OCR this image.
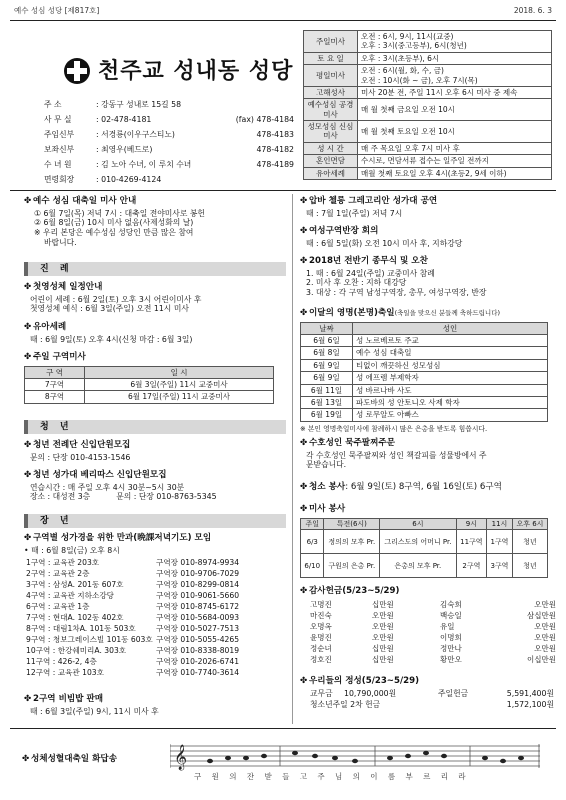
예수 성심 성당 [제817호]	2018. 6. 3
천주교 성내동 성당
주 소	: 강동구 성내로 15길 58
사 무 실	: 02-478-4181	(fax) 478-4184
주임신부	: 서경룡(이우구스티노)	478-4183
보좌신부	: 최영우(베드로)	478-4182
수 녀 원	: 김 노아 수녀, 이 루치 수녀	478-4189
면령회장	: 010-4269-4124
주일미사	오전 : 6시, 9시, 11시(교중)
오후 : 3시(중고등부), 6시(청년)

토 요 일	오후 : 3시(초등부), 6시
평일미사	오전 : 6시(월, 화, 수, 금)
오전 : 10시(화 ~ 금), 오후 7시(목)

고해성사	미사 20분 전, 주일 11시 오후 6시 미사 중 제속
예수성심 공경미사	매 월 첫째 금요일 오전 10시
성모성심 신심미사	매 월 첫째 토요일 오전 10시
성 시 간	매 주 목요일 오후 7시 미사 후
혼인면담	수시로, 면담서류 접수는 일주일 전까지
유아세례	매월 첫째 토요일 오후 4시(초등2, 9세 이하)
✤ 예수 성심 대축일 미사 안내
① 6월 7일(목) 저녁 7시 : 대축일 전야미사로 봉헌
② 6월 8일(금) 10시 미사 없음(사제성화의 날)
※ 우리 본당은 예수성심 성당인 만큼 많은 참여
바랍니다.
진 례
✤ 첫영성체 일정안내
어린이 세례 : 6월 2일(토) 오후 3시 어린이미사 후
첫영성체 예식 : 6월 3일(주일) 오전 11시 미사
✤ 유아세례
때 : 6월 9일(토) 오후 4시(신청 마감 : 6월 3일)
✤ 주일 구역미사
구 역	일 시
7구역	6월 3일(주일) 11시 교중미사
8구역	6월 17일(주일) 11시 교중미사
청 년
✤ 청년 전례단 신입단원모집
문의 : 단장 010-4153-1546
✤ 청년 성가대 베리따스 신입단원모집
연습시간 : 매 주일 오후 4시 30분~5시 30분
장소 : 대성전 3층	문의 : 단장 010-8763-5345
장 년
✤ 구역별 성가경을 위한 만과(晩課저녁기도) 모임
• 때 : 6월 8일(금) 오후 8시
1구역 : 교육관 203호	구역장 010-8974-9934
2구역 : 교육관 2층	구역장 010-9706-7029
3구역 : 삼성A. 201동 607호	구역장 010-8299-0814
4구역 : 교육관 지하소강당	구역장 010-9061-5660
6구역 : 교육관 1층	구역장 010-8745-6172
7구역 : 현대A. 102동 402호	구역장 010-5684-0093
8구역 : 대림1차A. 101동 503호	구역장 010-5027-7513
9구역 : 청보그레이스빌 101동 603호 구역장 010-5055-4265
10구역 : 한강쉐미리A. 303호	구역장 010-8338-8019
11구역 : 426-2, 4층	구역장 010-2026-6741
12구역 : 교육관 103호	구역장 010-7740-3614
✤ 2구역 비빔밥 판매
때 : 6월 3일(주일) 9시, 11시 미사 후
✤ 압바 첼롱 그레고리안 성가대 공연
때 : 7월 1일(주일) 저녁 7시
✤ 여성구역반장 회의
때 : 6월 5일(화) 오전 10시 미사 후, 지하강당
✤ 2018년 전반기 종무식 및 오찬
1. 때 : 6월 24일(주일) 교중미사 참례
2. 미사 후 오찬 : 지하 대강당
3. 대상 : 각 구역 남성구역장, 총무, 여성구역장, 반장
✤ 이달의 영명(본명)축일(축일을 맞으신 분들께 축하드립니다)
날짜	성인
6월 6일	성 노르베르토 주교
6월 8일	예수 성심 대축일
6월 9일	티없이 깨끗하신 성모성심
6월 9일	성 에프렘 부제학자
6월 11일	성 바르나바 사도
6월 13일	파도바의 성 안토니오 사제 학자
6월 19일	성 로무알도 아빠스
※ 본인 영명축일미사에 참례하시 많은 은총을 받도록 힘씁시다.
✤ 수호성인 묵주팔찌주문
각 수호성인 묵주팔찌와 성인 책갈피를 성물방에서 주
문받습니다.
✤ 청소 봉사: 6월 9일(토) 8구역, 6월 16일(토) 6구역
✤ 미사 봉사
주일	특전(6시)	6시	9시	11시	오후 6시
6/3	정의의 모후 Pr.	그리스도의 어머니 Pr.	11구역	1구역	청년
6/10	구원의 은총 Pr.	은총의 모후 Pr.	2구역	3구역	청년
✤ 감사헌금(5/23~5/29)
고명진	십만원	김숙희	오만원
마진숙	오만원	백승일	삼십만원
오명옥	오만원	유일	오만원
윤명진	오만원	이명희	오만원
정순녀	십만원	정만나	오만원
정호진	십만원	황만오	이십만원
✤ 우리들의 정성(5/23~5/29)
교무금 10,790,000원	주일헌금	5,591,400원
청소년주일 2차 헌금	1,572,100원
✤ 성체성혈대축일 화답송	𝄞
구 원 의 잔 받 들 고 주 님 의 이 름 부 르 리 라
